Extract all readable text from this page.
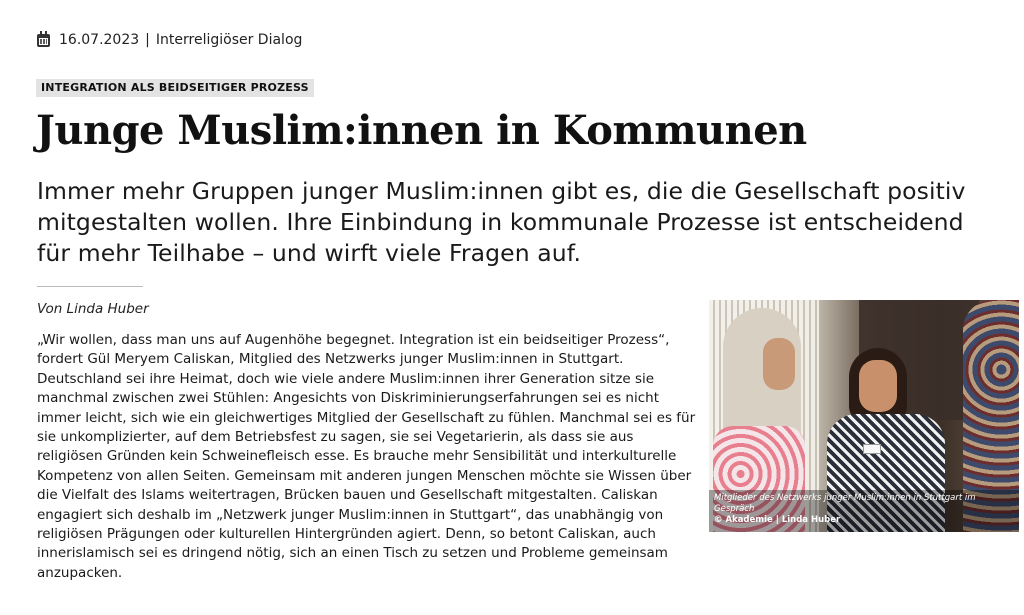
16.07.2023 | Interreligiöser Dialog
INTEGRATION ALS BEIDSEITIGER PROZESS
Junge Muslim:innen in Kommunen

Immer mehr Gruppen junger Muslim:innen gibt es, die die Gesellschaft positiv mitgestalten wollen. Ihre Einbindung in kommunale Prozesse ist entscheidend für mehr Teilhabe – und wirft viele Fragen auf.

Von Linda Huber

„Wir wollen, dass man uns auf Augenhöhe begegnet. Integration ist ein beidseitiger Prozess“, fordert Gül Meryem Caliskan, Mitglied des Netzwerks junger Muslim:innen in Stuttgart. Deutschland sei ihre Heimat, doch wie viele andere Muslim:innen ihrer Generation sitze sie manchmal zwischen zwei Stühlen: Angesichts von Diskriminierungserfahrungen sei es nicht immer leicht, sich wie ein gleichwertiges Mitglied der Gesellschaft zu fühlen. Manchmal sei es für sie unkomplizierter, auf dem Betriebsfest zu sagen, sie sei Vegetarierin, als dass sie aus religiösen Gründen kein Schweinefleisch esse. Es brauche mehr Sensibilität und interkulturelle Kompetenz von allen Seiten. Gemeinsam mit anderen jungen Menschen möchte sie Wissen über die Vielfalt des Islams weitertragen, Brücken bauen und Gesellschaft mitgestalten. Caliskan engagiert sich deshalb im „Netzwerk junger Muslim:innen in Stuttgart“, das unabhängig von religiösen Prägungen oder kulturellen Hintergründen agiert. Denn, so betont Caliskan, auch innerislamisch sei es dringend nötig, sich an einen Tisch zu setzen und Probleme gemeinsam anzupacken.

Mitglieder des Netzwerks junger Muslim:innen in Stuttgart im Gespräch
© Akademie | Linda Huber
